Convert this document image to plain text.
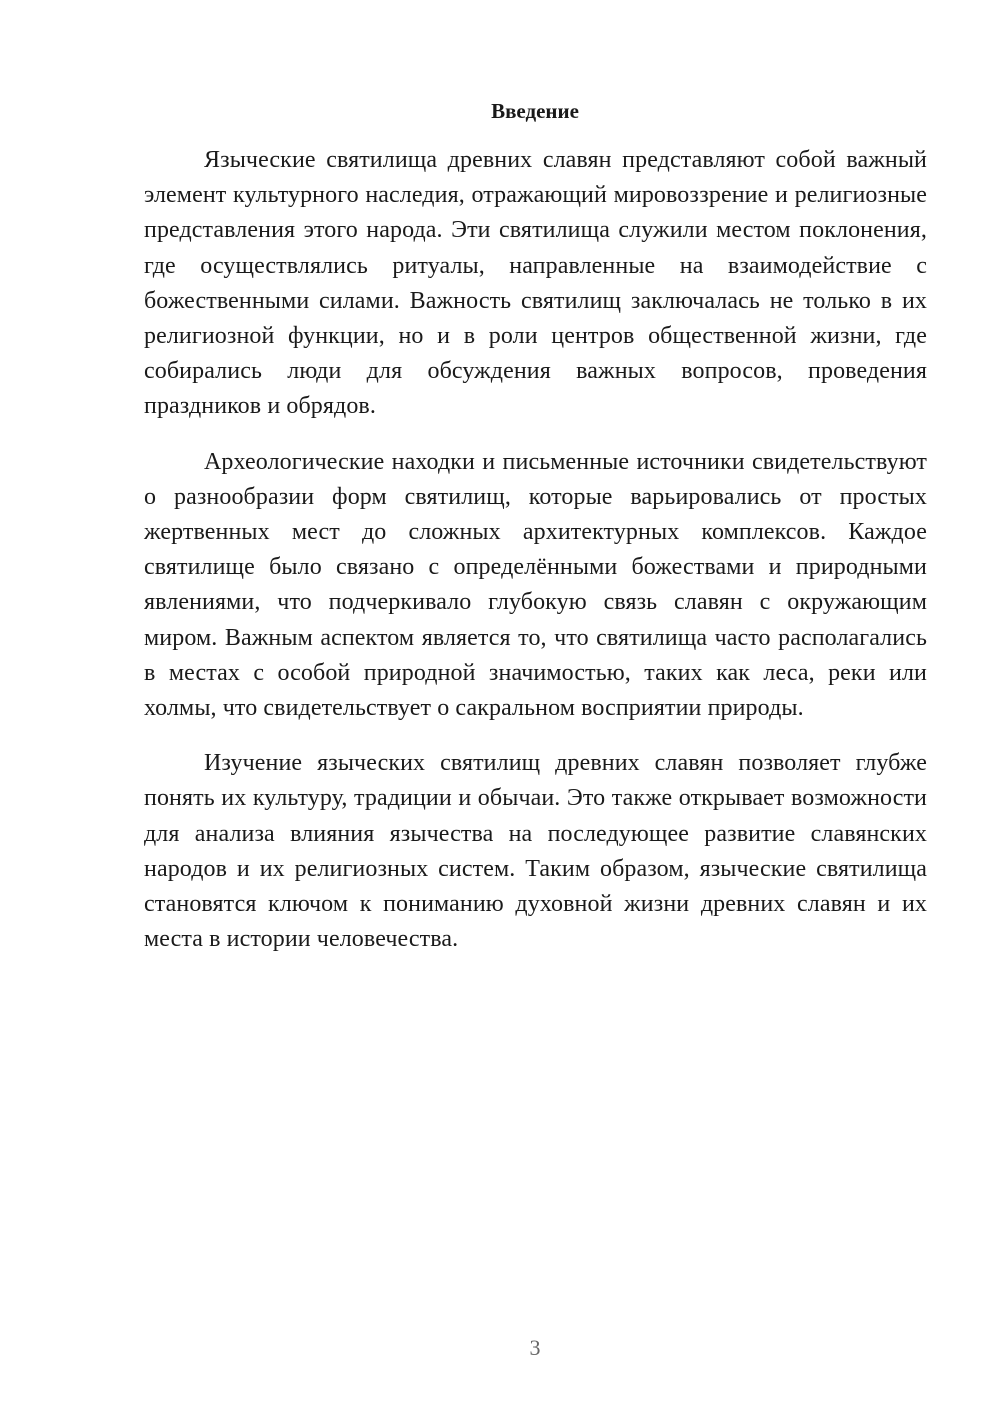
Введение

Языческие святилища древних славян представляют собой важный элемент культурного наследия, отражающий мировоззрение и религиозные представления этого народа. Эти святилища служили местом поклонения, где осуществлялись ритуалы, направленные на взаимодействие с божественными силами. Важность святилищ заключалась не только в их религиозной функции, но и в роли центров общественной жизни, где собирались люди для обсуждения важных вопросов, проведения праздников и обрядов.

Археологические находки и письменные источники свидетельствуют о разнообразии форм святилищ, которые варьировались от простых жертвенных мест до сложных архитектурных комплексов. Каждое святилище было связано с определёнными божествами и природными явлениями, что подчеркивало глубокую связь славян с окружающим миром. Важным аспектом является то, что святилища часто располагались в местах с особой природной значимостью, таких как леса, реки или холмы, что свидетельствует о сакральном восприятии природы.

Изучение языческих святилищ древних славян позволяет глубже понять их культуру, традиции и обычаи. Это также открывает возможности для анализа влияния язычества на последующее развитие славянских народов и их религиозных систем. Таким образом, языческие святилища становятся ключом к пониманию духовной жизни древних славян и их места в истории человечества.

3
